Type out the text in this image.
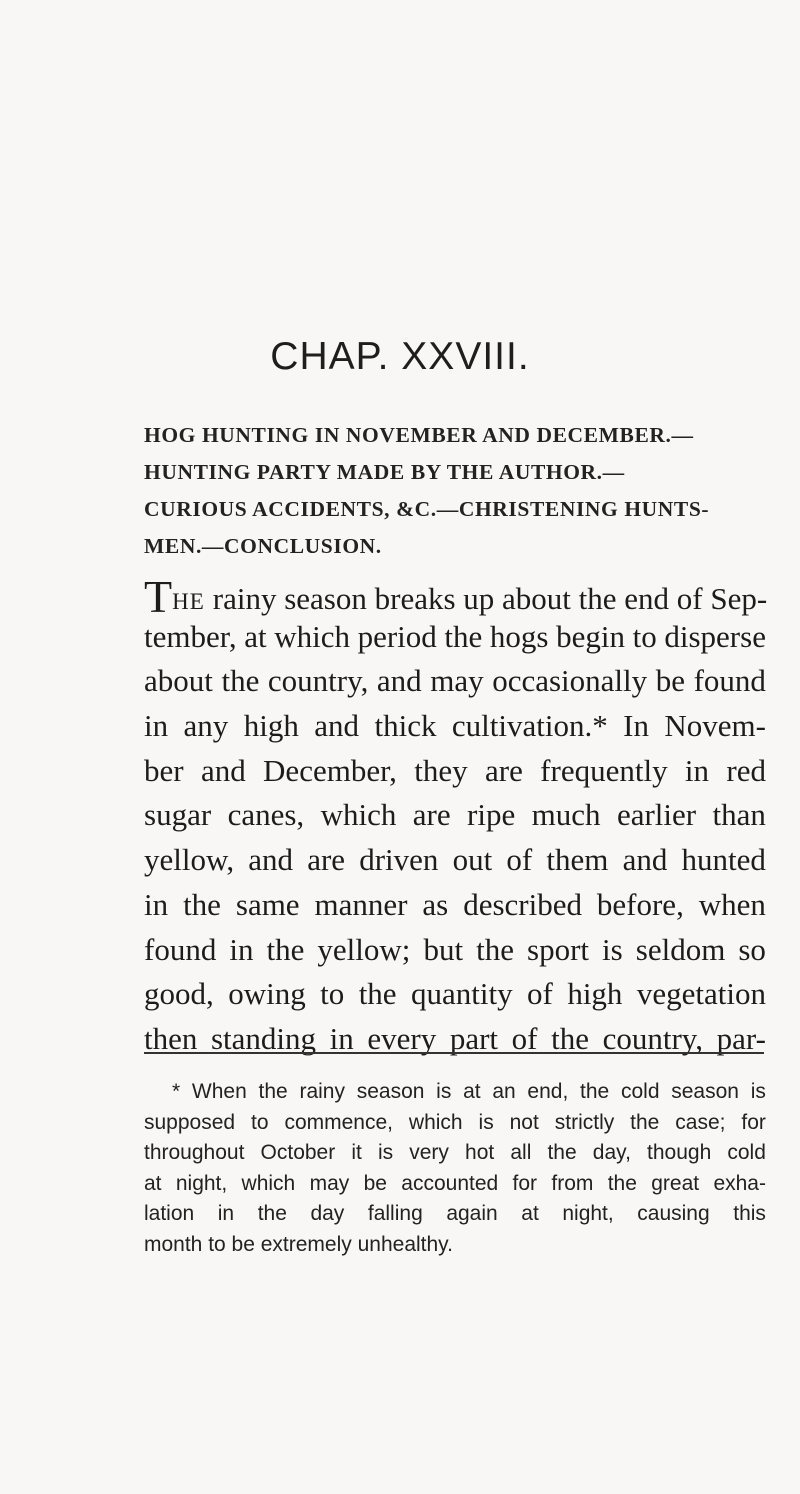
CHAP. XXVIII.
HOG HUNTING IN NOVEMBER AND DECEMBER.—
HUNTING PARTY MADE BY THE AUTHOR.—
CURIOUS ACCIDENTS, &C.—CHRISTENING HUNTS-
MEN.—CONCLUSION.
THE rainy season breaks up about the end of Sep-
tember, at which period the hogs begin to disperse
about the country, and may occasionally be found
in any high and thick cultivation.* In Novem-
ber and December, they are frequently in red
sugar canes, which are ripe much earlier than
yellow, and are driven out of them and hunted
in the same manner as described before, when
found in the yellow; but the sport is seldom so
good, owing to the quantity of high vegetation
then standing in every part of the country, par-
* When the rainy season is at an end, the cold season is
supposed to commence, which is not strictly the case; for
throughout October it is very hot all the day, though cold
at night, which may be accounted for from the great exha-
lation in the day falling again at night, causing this
month to be extremely unhealthy.
